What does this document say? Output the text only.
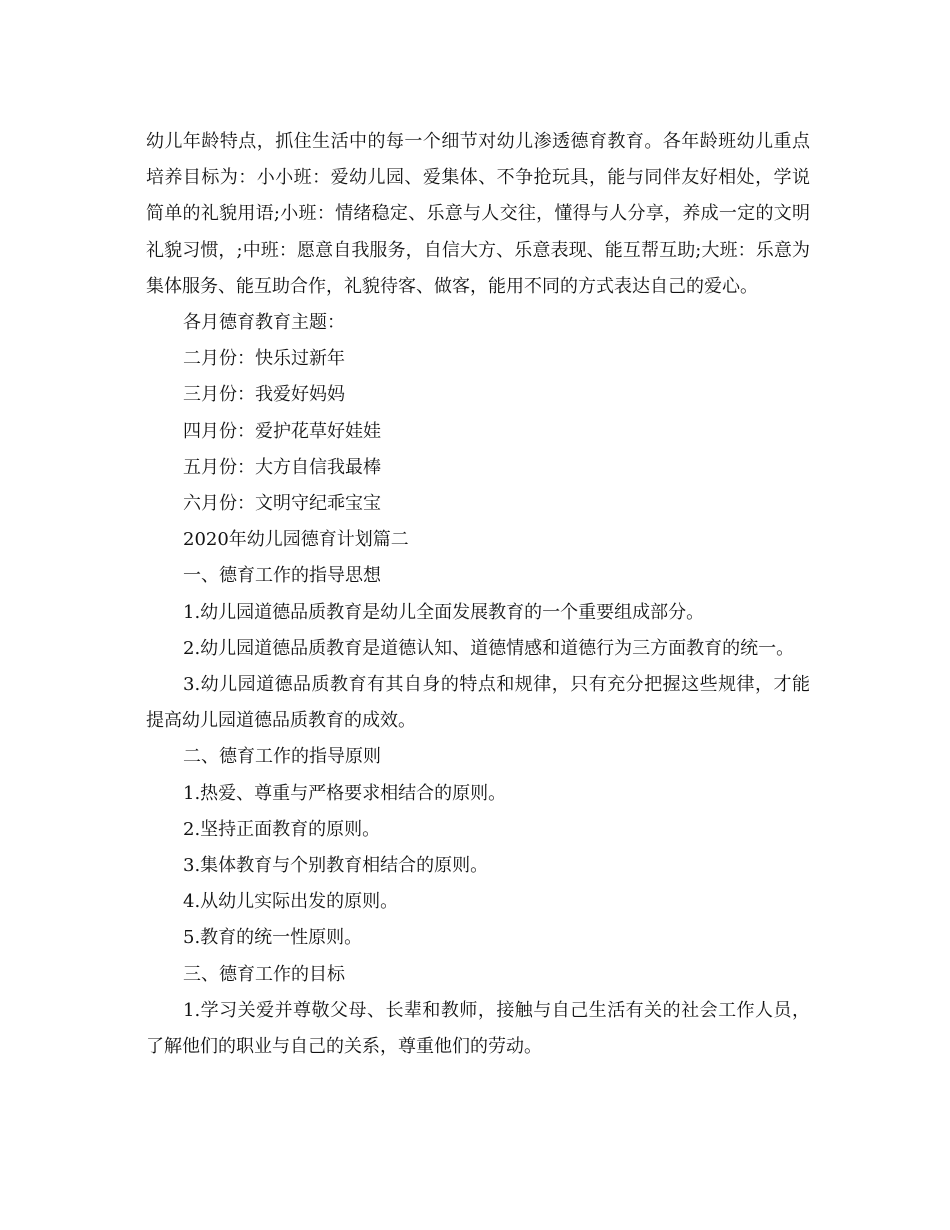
幼儿年龄特点，抓住生活中的每一个细节对幼儿渗透德育教育。各年龄班幼儿重点培养目标为：小小班：爱幼儿园、爱集体、不争抢玩具，能与同伴友好相处，学说简单的礼貌用语;小班：情绪稳定、乐意与人交往，懂得与人分享，养成一定的文明礼貌习惯，;中班：愿意自我服务，自信大方、乐意表现、能互帮互助;大班：乐意为集体服务、能互助合作，礼貌待客、做客，能用不同的方式表达自己的爱心。

各月德育教育主题：

二月份：快乐过新年

三月份：我爱好妈妈

四月份：爱护花草好娃娃

五月份：大方自信我最棒

六月份：文明守纪乖宝宝

2020年幼儿园德育计划篇二

一、德育工作的指导思想

1.幼儿园道德品质教育是幼儿全面发展教育的一个重要组成部分。

2.幼儿园道德品质教育是道德认知、道德情感和道德行为三方面教育的统一。

3.幼儿园道德品质教育有其自身的特点和规律，只有充分把握这些规律，才能提高幼儿园道德品质教育的成效。

二、德育工作的指导原则

1.热爱、尊重与严格要求相结合的原则。

2.坚持正面教育的原则。

3.集体教育与个别教育相结合的原则。

4.从幼儿实际出发的原则。

5.教育的统一性原则。

三、德育工作的目标

1.学习关爱并尊敬父母、长辈和教师，接触与自己生活有关的社会工作人员，了解他们的职业与自己的关系，尊重他们的劳动。
